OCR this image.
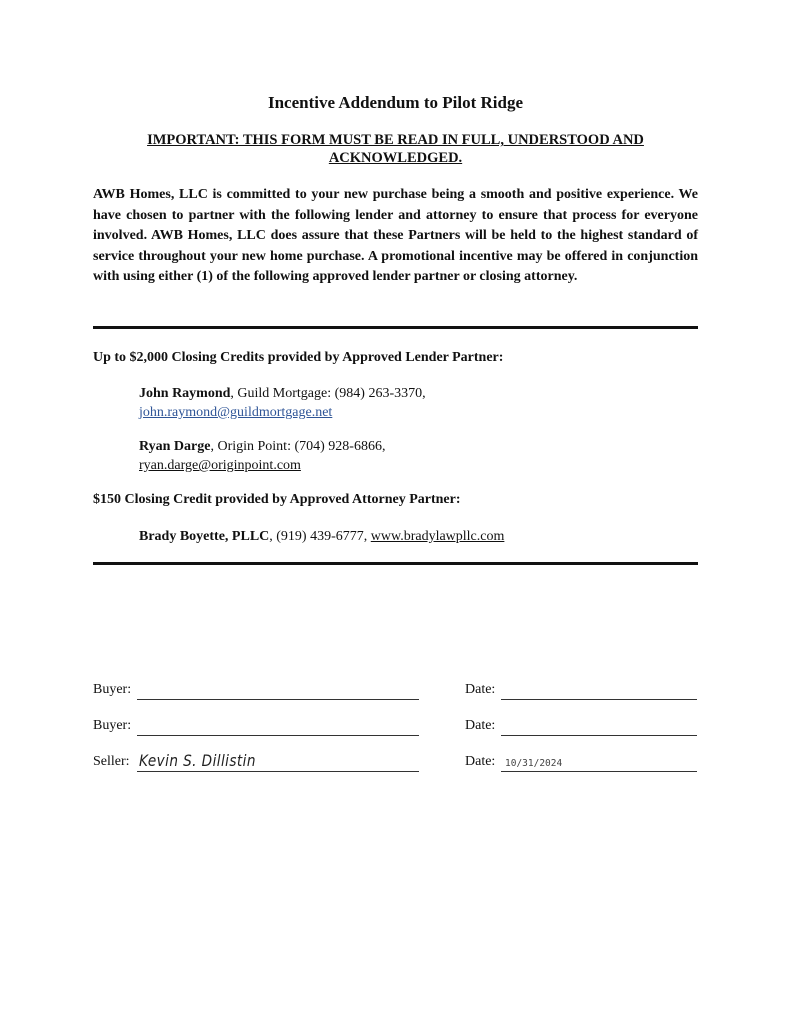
Incentive Addendum to Pilot Ridge
IMPORTANT: THIS FORM MUST BE READ IN FULL, UNDERSTOOD AND ACKNOWLEDGED.
AWB Homes, LLC is committed to your new purchase being a smooth and positive experience. We have chosen to partner with the following lender and attorney to ensure that process for everyone involved. AWB Homes, LLC does assure that these Partners will be held to the highest standard of service throughout your new home purchase. A promotional incentive may be offered in conjunction with using either (1) of the following approved lender partner or closing attorney.
Up to $2,000 Closing Credits provided by Approved Lender Partner:
John Raymond, Guild Mortgage: (984) 263-3370,
john.raymond@guildmortgage.net
Ryan Darge, Origin Point: (704) 928-6866,
ryan.darge@originpoint.com
$150 Closing Credit provided by Approved Attorney Partner:
Brady Boyette, PLLC, (919) 439-6777, www.bradylawpllc.com
Buyer:	Date:
Buyer:	Date:
Seller: Kevin S. Dillistin	Date: 10/31/2024
